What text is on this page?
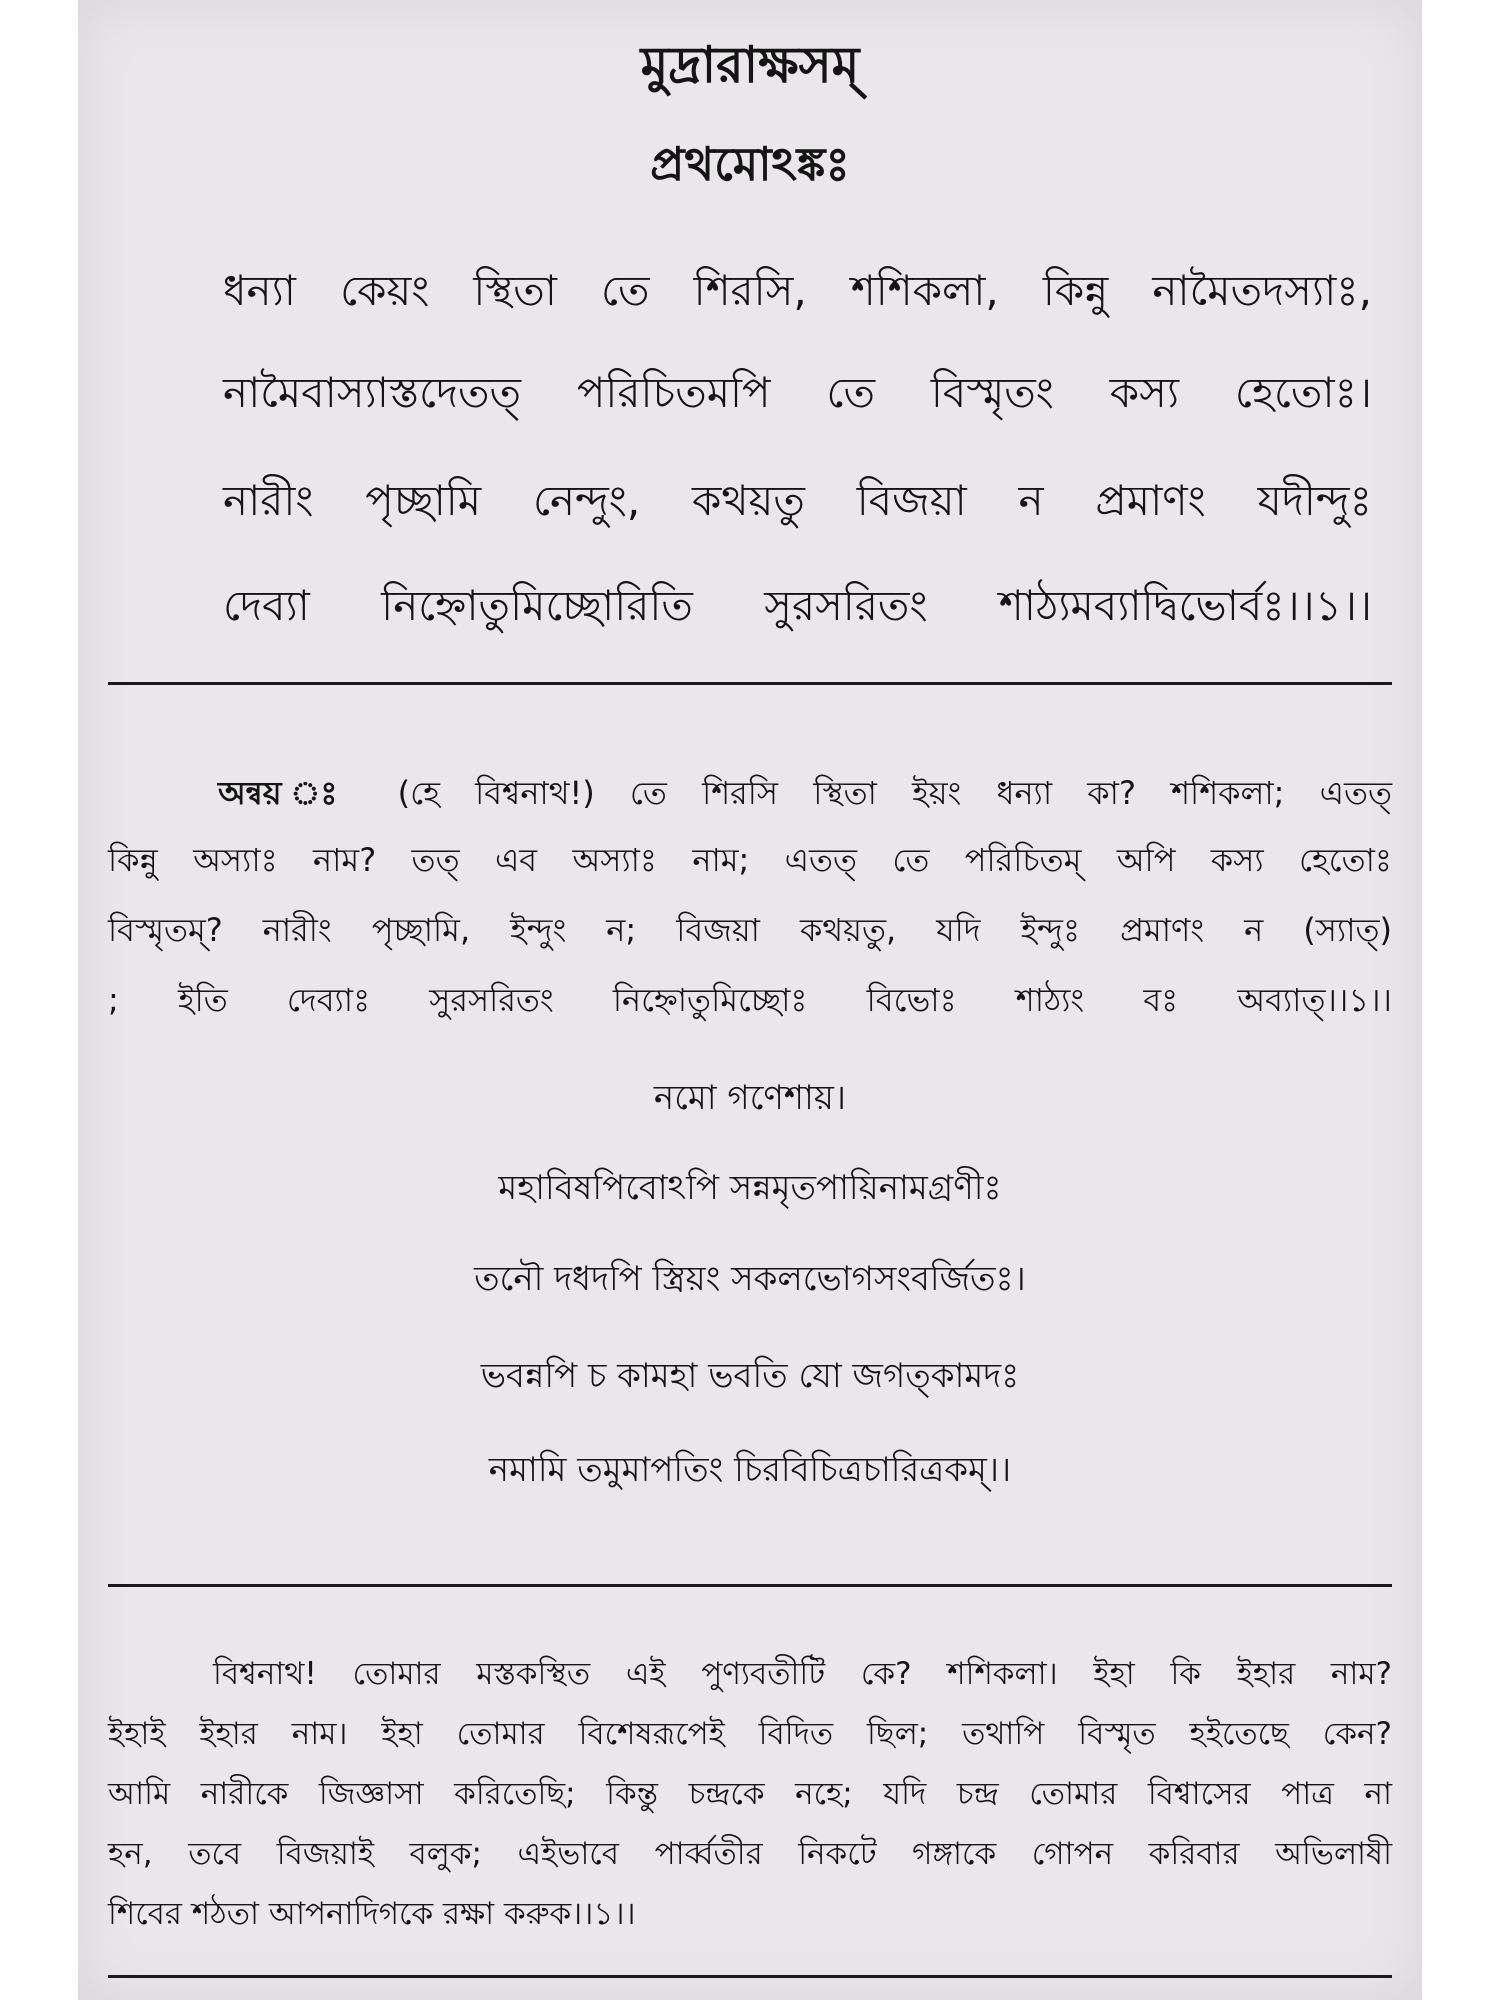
মুদ্রারাক্ষসম্
প্রথমোঽঙ্কঃ
ধন্যা কেয়ং স্থিতা তে শিরসি, শশিকলা, কিন্নু নামৈতদস্যাঃ,
নামৈবাস্যাস্তদেতত্ পরিচিতমপি তে বিস্মৃতং কস্য হেতোঃ।
নারীং পৃচ্ছামি নেন্দুং, কথয়তু বিজয়া ন প্রমাণং যদীন্দুঃ
দেব্যা নিহ্নোতুমিচ্ছোরিতি সুরসরিতং শাঠ্যমব্যাদ্বিভোর্বঃ।।১।।
অন্বয় ঃ (হে বিশ্বনাথ!) তে শিরসি স্থিতা ইয়ং ধন্যা কা? শশিকলা; এতত্
কিন্নু অস্যাঃ নাম? তত্ এব অস্যাঃ নাম; এতত্ তে পরিচিতম্ অপি কস্য হেতোঃ
বিস্মৃতম্? নারীং পৃচ্ছামি, ইন্দুং ন; বিজয়া কথয়তু, যদি ইন্দুঃ প্রমাণং ন (স্যাত্)
; ইতি দেব্যাঃ সুরসরিতং নিহ্নোতুমিচ্ছোঃ বিভোঃ শাঠ্যং বঃ অব্যাত্।।১।।
নমো গণেশায়।
মহাবিষপিবোঽপি সন্নমৃতপায়িনামগ্রণীঃ
তনৌ দধদপি স্ত্রিয়ং সকলভোগসংবর্জিতঃ।
ভবন্নপি চ কামহা ভবতি যো জগত্কামদঃ
নমামি তমুমাপতিং চিরবিচিত্রচারিত্রকম্।।
বিশ্বনাথ! তোমার মস্তকস্থিত এই পুণ্যবতীটি কে? শশিকলা। ইহা কি ইহার নাম?
ইহাই ইহার নাম। ইহা তোমার বিশেষরূপেই বিদিত ছিল; তথাপি বিস্মৃত হইতেছে কেন?
আমি নারীকে জিজ্ঞাসা করিতেছি; কিন্তু চন্দ্রকে নহে; যদি চন্দ্র তোমার বিশ্বাসের পাত্র না
হন, তবে বিজয়াই বলুক; এইভাবে পার্ব্বতীর নিকটে গঙ্গাকে গোপন করিবার অভিলাষী
শিবের শঠতা আপনাদিগকে রক্ষা করুক।।১।।
